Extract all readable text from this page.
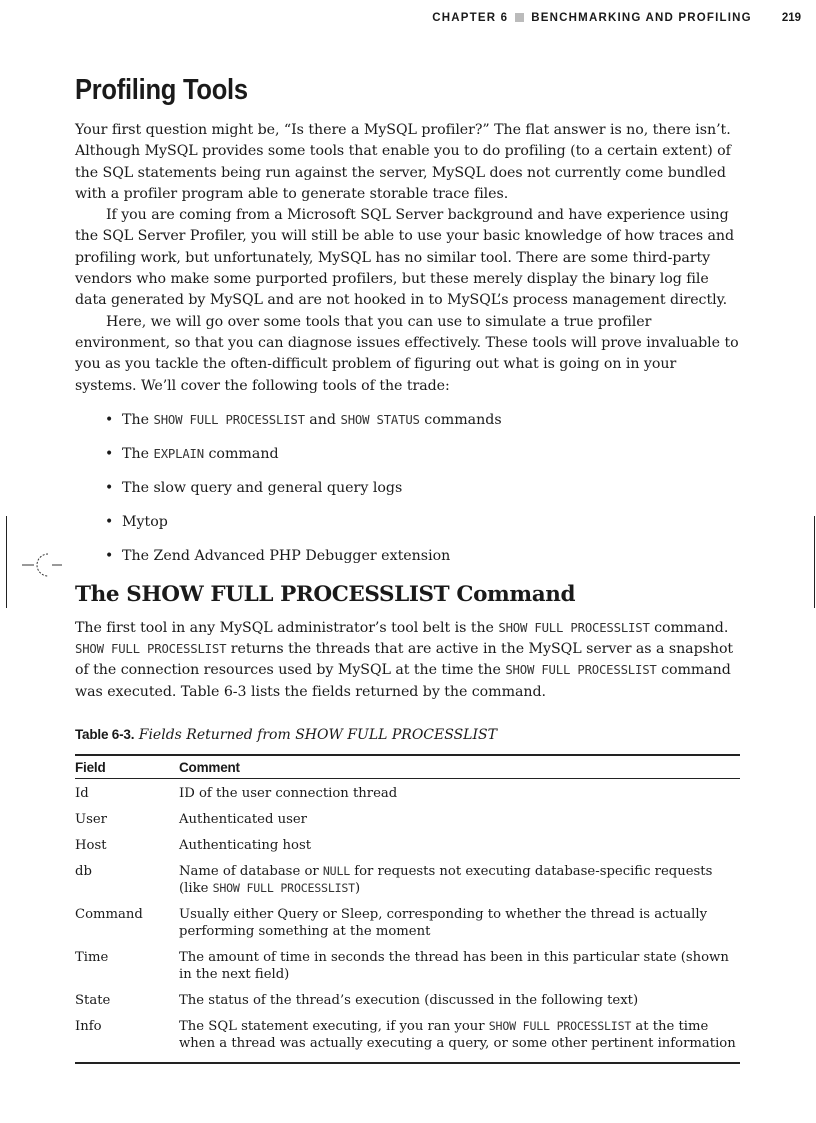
CHAPTER 6 BENCHMARKING AND PROFILING	219
Profiling Tools

Your first question might be, “Is there a MySQL profiler?” The flat answer is no, there isn’t. Although MySQL provides some tools that enable you to do profiling (to a certain extent) of the SQL statements being run against the server, MySQL does not currently come bundled with a profiler program able to generate storable trace files.

If you are coming from a Microsoft SQL Server background and have experience using the SQL Server Profiler, you will still be able to use your basic knowledge of how traces and profiling work, but unfortunately, MySQL has no similar tool. There are some third-party vendors who make some purported profilers, but these merely display the binary log file data generated by MySQL and are not hooked in to MySQL’s process management directly.

Here, we will go over some tools that you can use to simulate a true profiler environment, so that you can diagnose issues effectively. These tools will prove invaluable to you as you tackle the often-difficult problem of figuring out what is going on in your systems. We’ll cover the following tools of the trade:

• The SHOW FULL PROCESSLIST and SHOW STATUS commands
• The EXPLAIN command
• The slow query and general query logs
• Mytop
• The Zend Advanced PHP Debugger extension
The SHOW FULL PROCESSLIST Command

The first tool in any MySQL administrator’s tool belt is the SHOW FULL PROCESSLIST command. SHOW FULL PROCESSLIST returns the threads that are active in the MySQL server as a snapshot of the connection resources used by MySQL at the time the SHOW FULL PROCESSLIST command was executed. Table 6-3 lists the fields returned by the command.

Table 6-3. Fields Returned from SHOW FULL PROCESSLIST
Field	Comment
Id	ID of the user connection thread
User	Authenticated user
Host	Authenticating host
db	Name of database or NULL for requests not executing database-specific requests (like SHOW FULL PROCESSLIST)
Command	Usually either Query or Sleep, corresponding to whether the thread is actually performing something at the moment
Time	The amount of time in seconds the thread has been in this particular state (shown in the next field)
State	The status of the thread’s execution (discussed in the following text)
Info	The SQL statement executing, if you ran your SHOW FULL PROCESSLIST at the time when a thread was actually executing a query, or some other pertinent information
